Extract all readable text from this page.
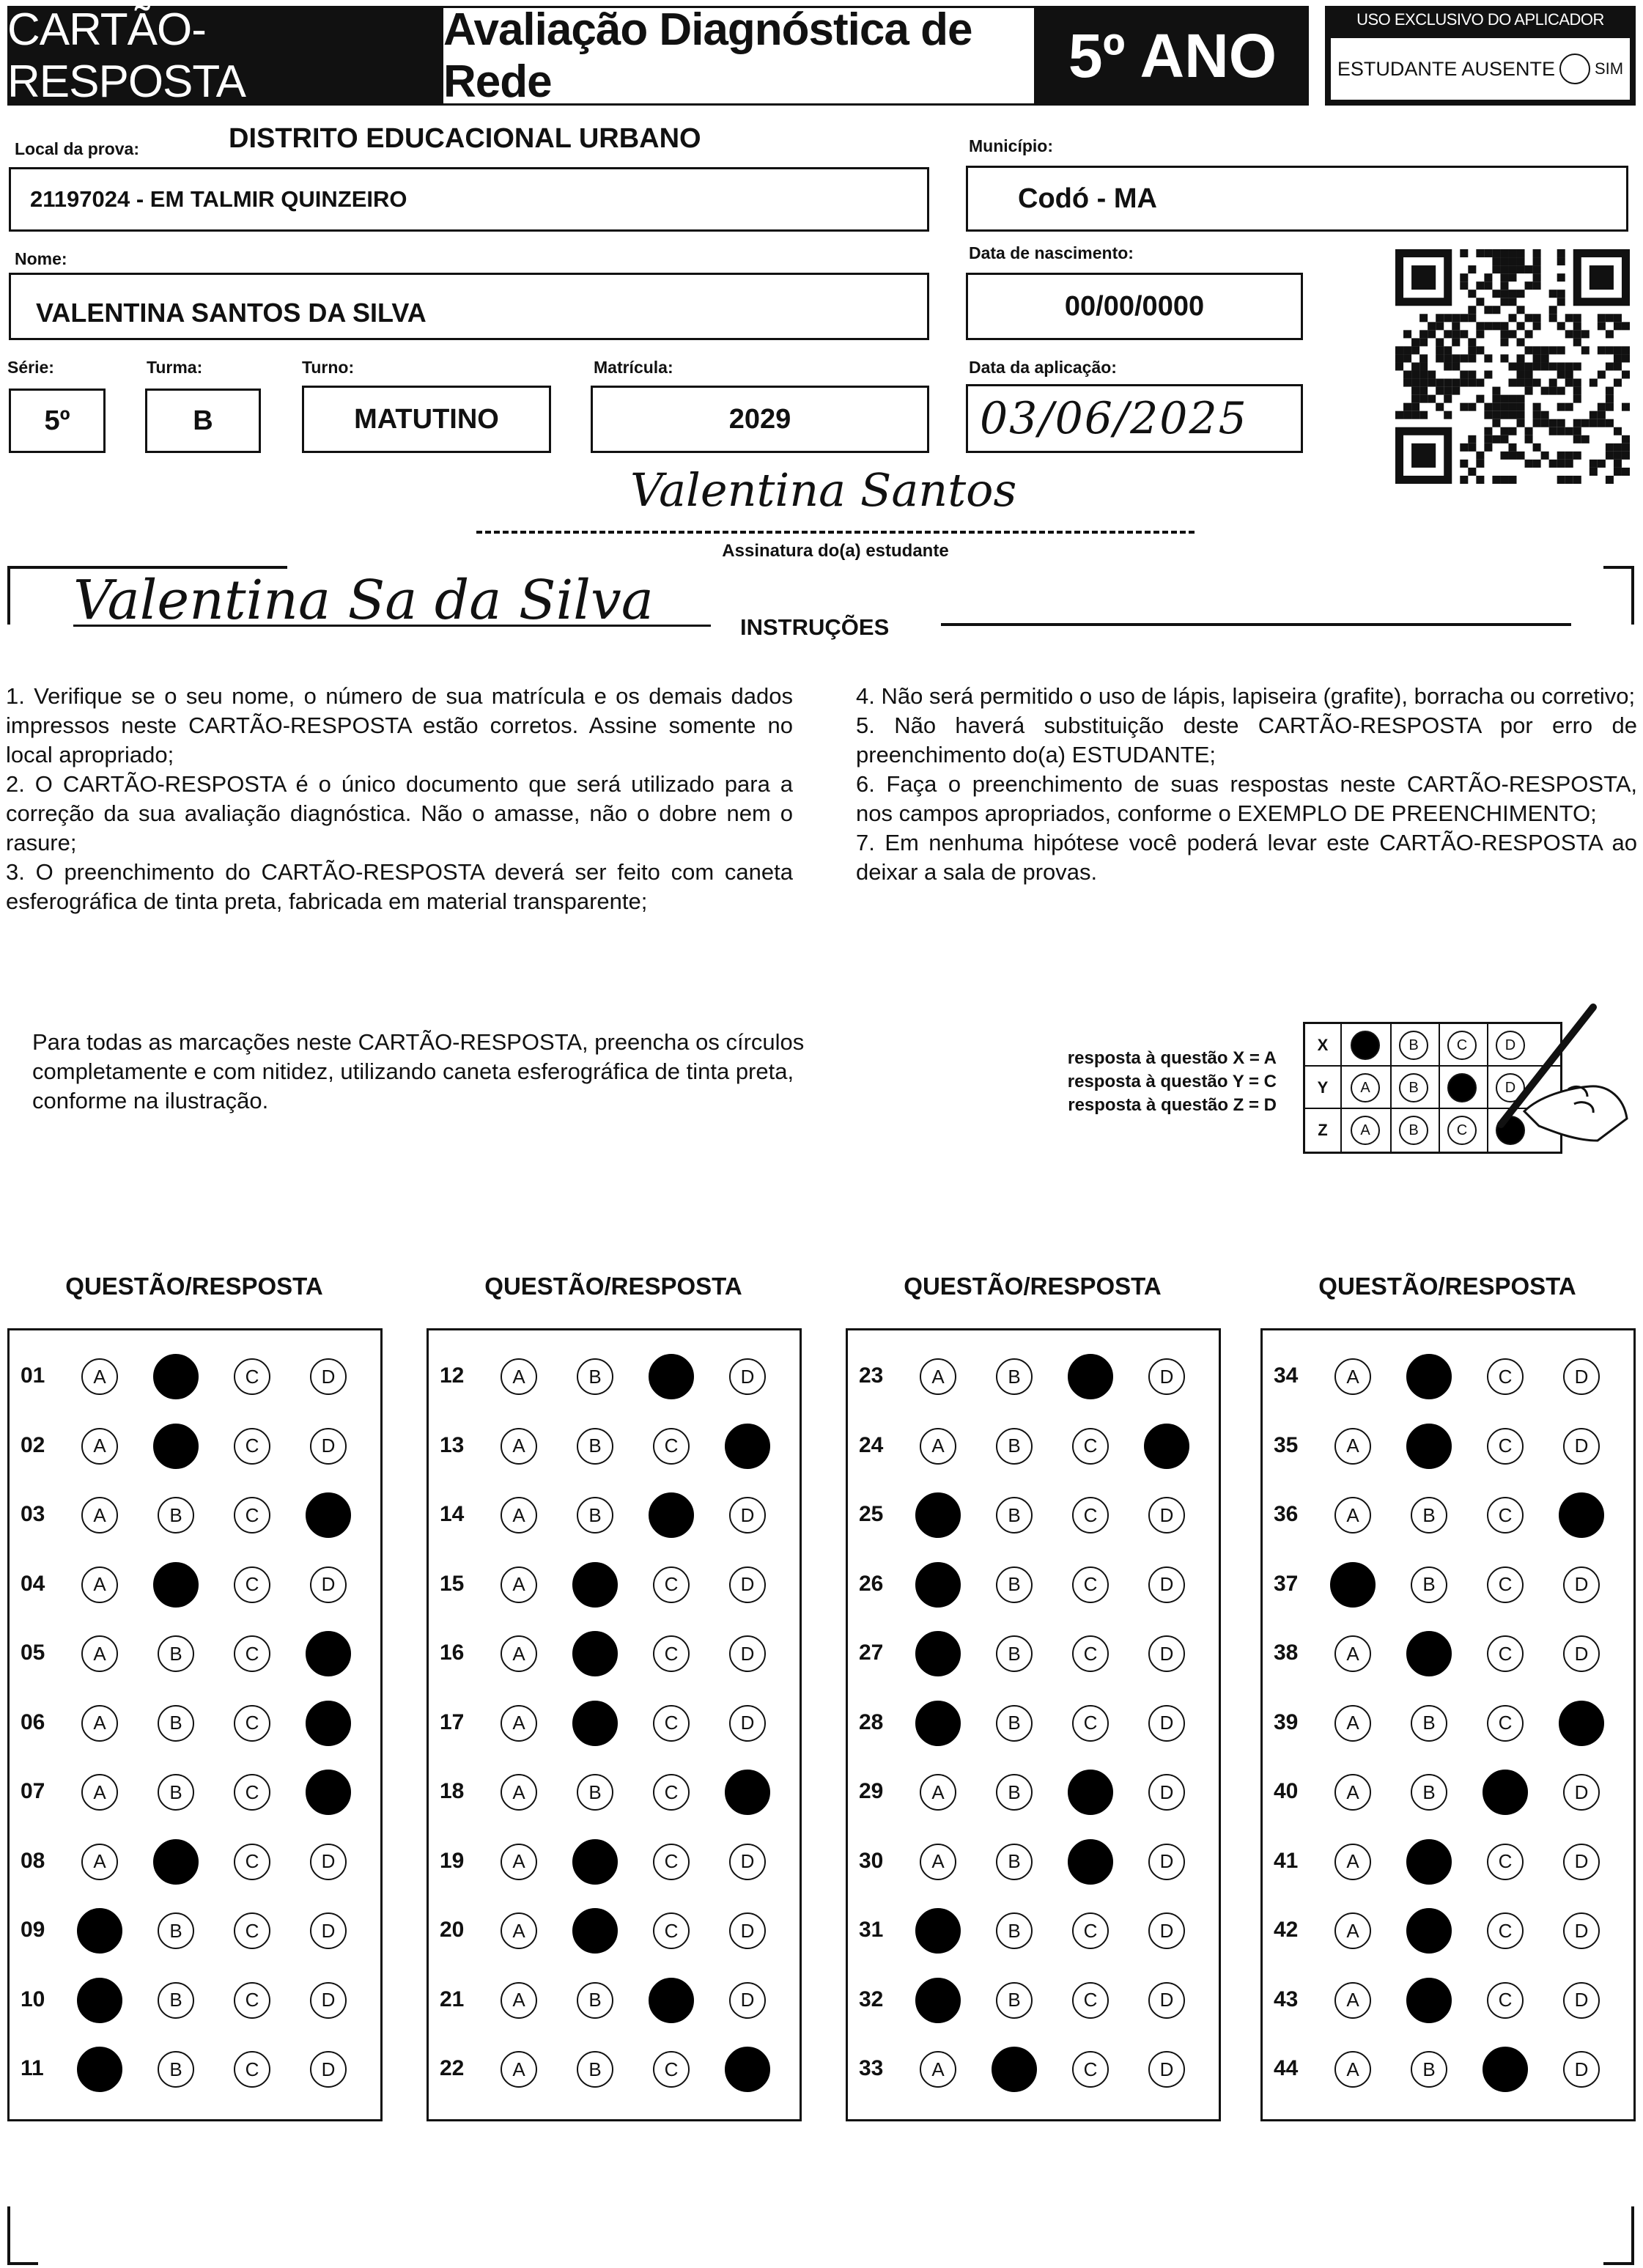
CARTÃO-RESPOSTA
Avaliação Diagnóstica de Rede	5º ANO
USO EXCLUSIVO DO APLICADOR
ESTUDANTE AUSENTE SIM
Local da prova:	DISTRITO EDUCACIONAL URBANO
21197024 - EM TALMIR QUINZEIRO
Município:
Codó - MA
Nome:
VALENTINA SANTOS DA SILVA
Data de nascimento:
00/00/0000
Série:
5º
Turma:
B
Turno:
MATUTINO
Matrícula:
2029
Data da aplicação:
03/06/2025
Valentina Santos
Assinatura do(a) estudante
Valentina Sa da Silva	INSTRUÇÕES

1. Verifique se o seu nome, o número de sua matrícula e os demais dados impressos neste CARTÃO-RESPOSTA estão corretos. Assine somente no local apropriado;

2. O CARTÃO-RESPOSTA é o único documento que será utilizado para a correção da sua avaliação diagnóstica. Não o amasse, não o dobre nem o rasure;

3. O preenchimento do CARTÃO-RESPOSTA deverá ser feito com caneta esferográfica de tinta preta, fabricada em material transparente;

4. Não será permitido o uso de lápis, lapiseira (grafite), borracha ou corretivo;

5. Não haverá substituição deste CARTÃO-RESPOSTA por erro de preenchimento do(a) ESTUDANTE;

6. Faça o preenchimento de suas respostas neste CARTÃO-RESPOSTA, nos campos apropriados, conforme o EXEMPLO DE PREENCHIMENTO;

7. Em nenhuma hipótese você poderá levar este CARTÃO-RESPOSTA ao deixar a sala de provas.

Para todas as marcações neste CARTÃO-RESPOSTA, preencha os círculos completamente e com nitidez, utilizando caneta esferográfica de tinta preta, conforme na ilustração.
resposta à questão X = A
resposta à questão Y = C
resposta à questão Z = D
X	B	C	D
Y	A	B	D
Z	A	B	C
QUESTÃO/RESPOSTA
01	A	C	D
02	A	C	D
03	A	B	C
04	A	C	D
05	A	B	C
06	A	B	C
07	A	B	C
08	A	C	D
09	B	C	D
10	B	C	D
11	B	C	D
QUESTÃO/RESPOSTA
12	A	B	D
13	A	B	C
14	A	B	D
15	A	C	D
16	A	C	D
17	A	C	D
18	A	B	C
19	A	C	D
20	A	C	D
21	A	B	D
22	A	B	C
QUESTÃO/RESPOSTA
23	A	B	D
24	A	B	C
25	B	C	D
26	B	C	D
27	B	C	D
28	B	C	D
29	A	B	D
30	A	B	D
31	B	C	D
32	B	C	D
33	A	C	D
QUESTÃO/RESPOSTA
34	A	C	D
35	A	C	D
36	A	B	C
37	B	C	D
38	A	C	D
39	A	B	C
40	A	B	D
41	A	C	D
42	A	C	D
43	A	C	D
44	A	B	D
